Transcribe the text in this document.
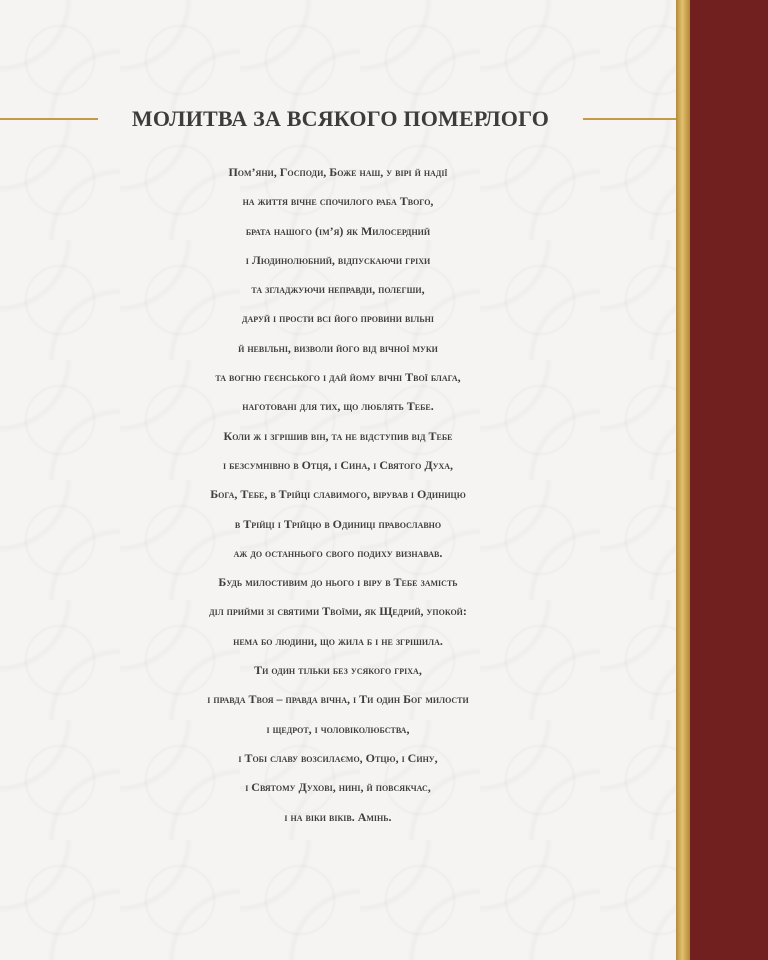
МОЛИТВА ЗА ВСЯКОГО ПОМЕРЛОГО
Пом’яни, Господи, Боже наш, у вірі й надії
на життя вічне спочилого раба Твого,
брата нашого (ім’я) як Милосердний
і Людинолюбний, відпускаючи гріхи
та згладжуючи неправди, полегши,
даруй і прости всі його провини вільні
й невільні, визволи його від вічної муки
та вогню геєнського і дай йому вічні Твої блага,
наготовані для тих, що люблять Тебе.
Коли ж і згрішив він, та не відступив від Тебе
і безсумнівно в Отця, і Сина, і Святого Духа,
Бога, Тебе, в Трійці славимого, вірував і Одиницю
в Трійці і Трійцю в Одиниці православно
аж до останнього свого подиху визнавав.
Будь милостивим до нього і віру в Тебе замість
діл прийми зі святими Твоїми, як Щедрий, упокой:
нема бо людини, що жила б і не згрішила.
Ти один тільки без усякого гріха,
і правда Твоя – правда вічна, і Ти один Бог милости
і щедрот, і чоловіколюбства,
і Тобі славу возсилаємо, Отцю, і Сину,
і Святому Духові, нині, й повсякчас,
і на віки віків. Амінь.
